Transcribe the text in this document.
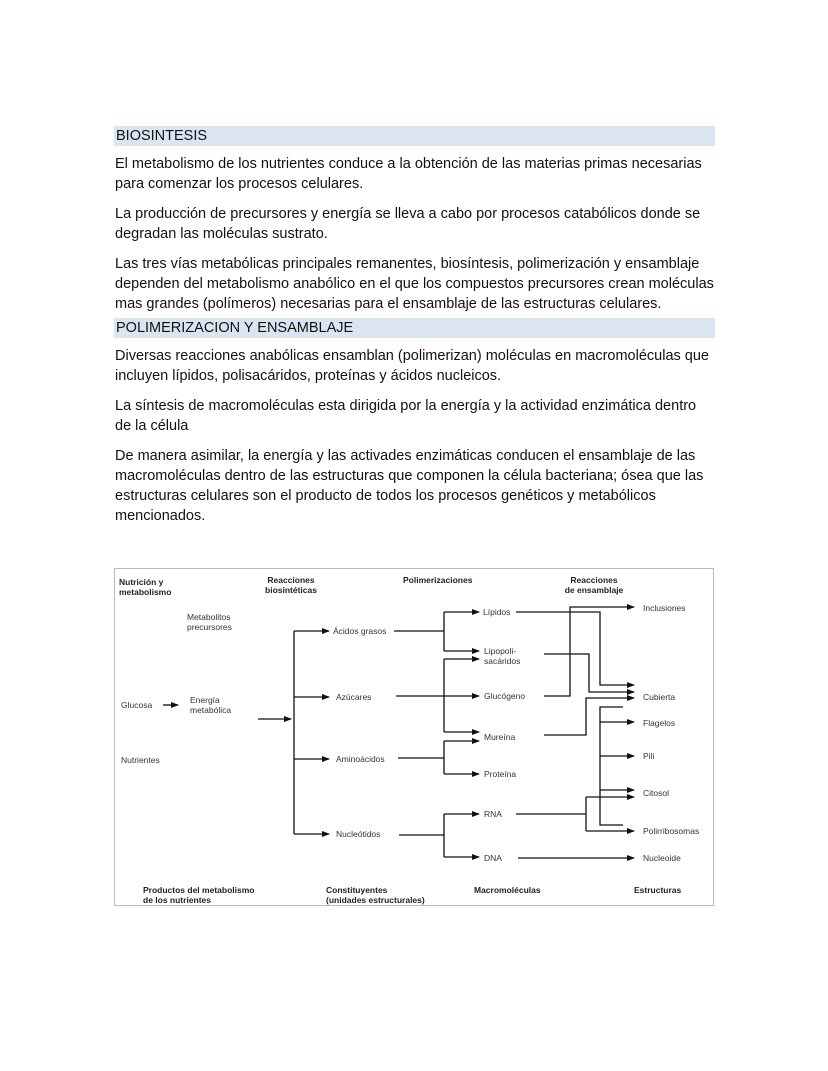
BIOSINTESIS

El metabolismo de los nutrientes conduce a la obtención de las materias primas necesarias para comenzar los procesos celulares.

La producción de precursores y energía se lleva a cabo por procesos catabólicos donde se degradan las moléculas sustrato.

Las tres vías metabólicas principales remanentes, biosíntesis, polimerización y ensamblaje dependen del metabolismo anabólico en el que los compuestos precursores crean moléculas mas grandes (polímeros) necesarias para el ensamblaje de las estructuras celulares.

POLIMERIZACION Y ENSAMBLAJE

Diversas reacciones anabólicas ensamblan (polimerizan) moléculas en macromoléculas que incluyen lípidos, polisacáridos, proteínas y ácidos nucleicos.

La síntesis de macromoléculas esta dirigida por la energía y la actividad enzimática dentro de la célula

De manera asimilar, la energía y las activades enzimáticas conducen el ensamblaje de las macromoléculas dentro de las estructuras que componen la célula bacteriana; ósea que las estructuras celulares son el producto de todos los procesos genéticos y metabólicos mencionados.

Nutrición y
metabolismo
Reacciones
biosintéticas
Polimerizaciones	Reacciones
de ensamblaje
Productos del metabolismo
de los nutrientes
Constituyentes
(unidades estructurales)
Macromoléculas	Estructuras
Metabolitos
precursores
Glucosa	Energía
metabólica
Nutrientes
Ácidos grasos
Azúcares
Aminoácidos
Nucleótidos
Lípidos
Lipopoli-
sacáridos
Glucógeno
Mureína
Proteína
RNA
DNA
Inclusiones
Cubierta
Flagelos
Pili
Citosol
Polirribosomas
Nucleoide
